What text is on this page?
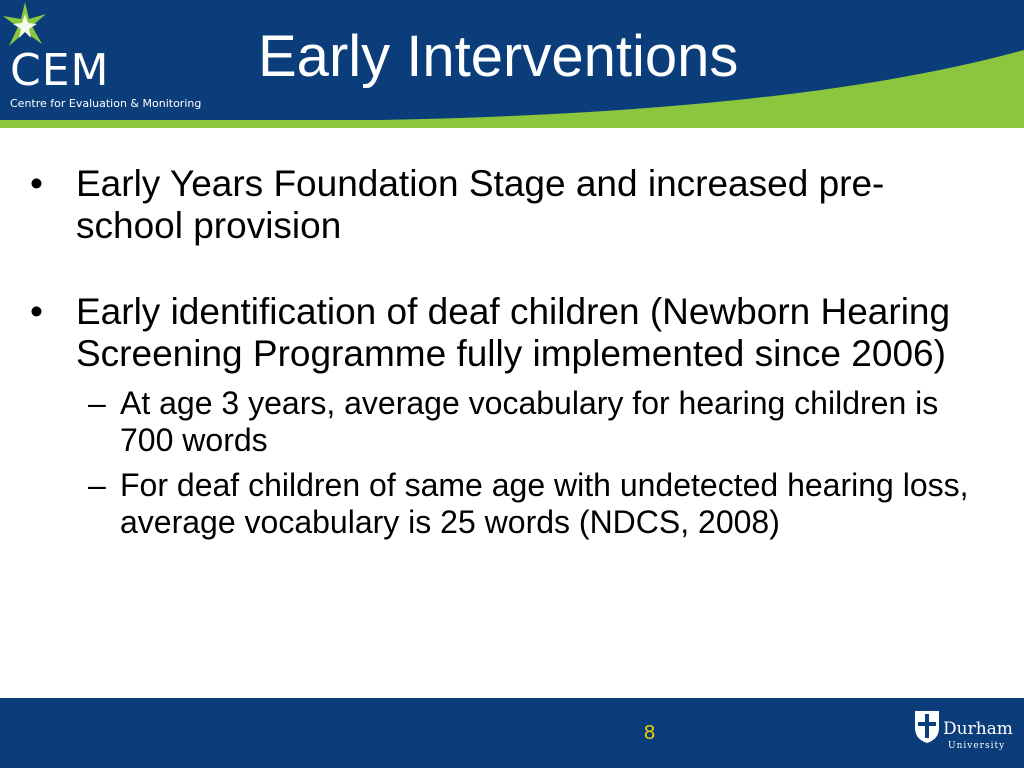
CEM
Centre for Evaluation & Monitoring
Early Interventions
• Early Years Foundation Stage and increased pre-school provision
• Early identification of deaf children (Newborn Hearing Screening Programme fully implemented since 2006)
– At age 3 years, average vocabulary for hearing children is 700 words
– For deaf children of same age with undetected hearing loss, average vocabulary is 25 words (NDCS, 2008)
8	Durham
University
